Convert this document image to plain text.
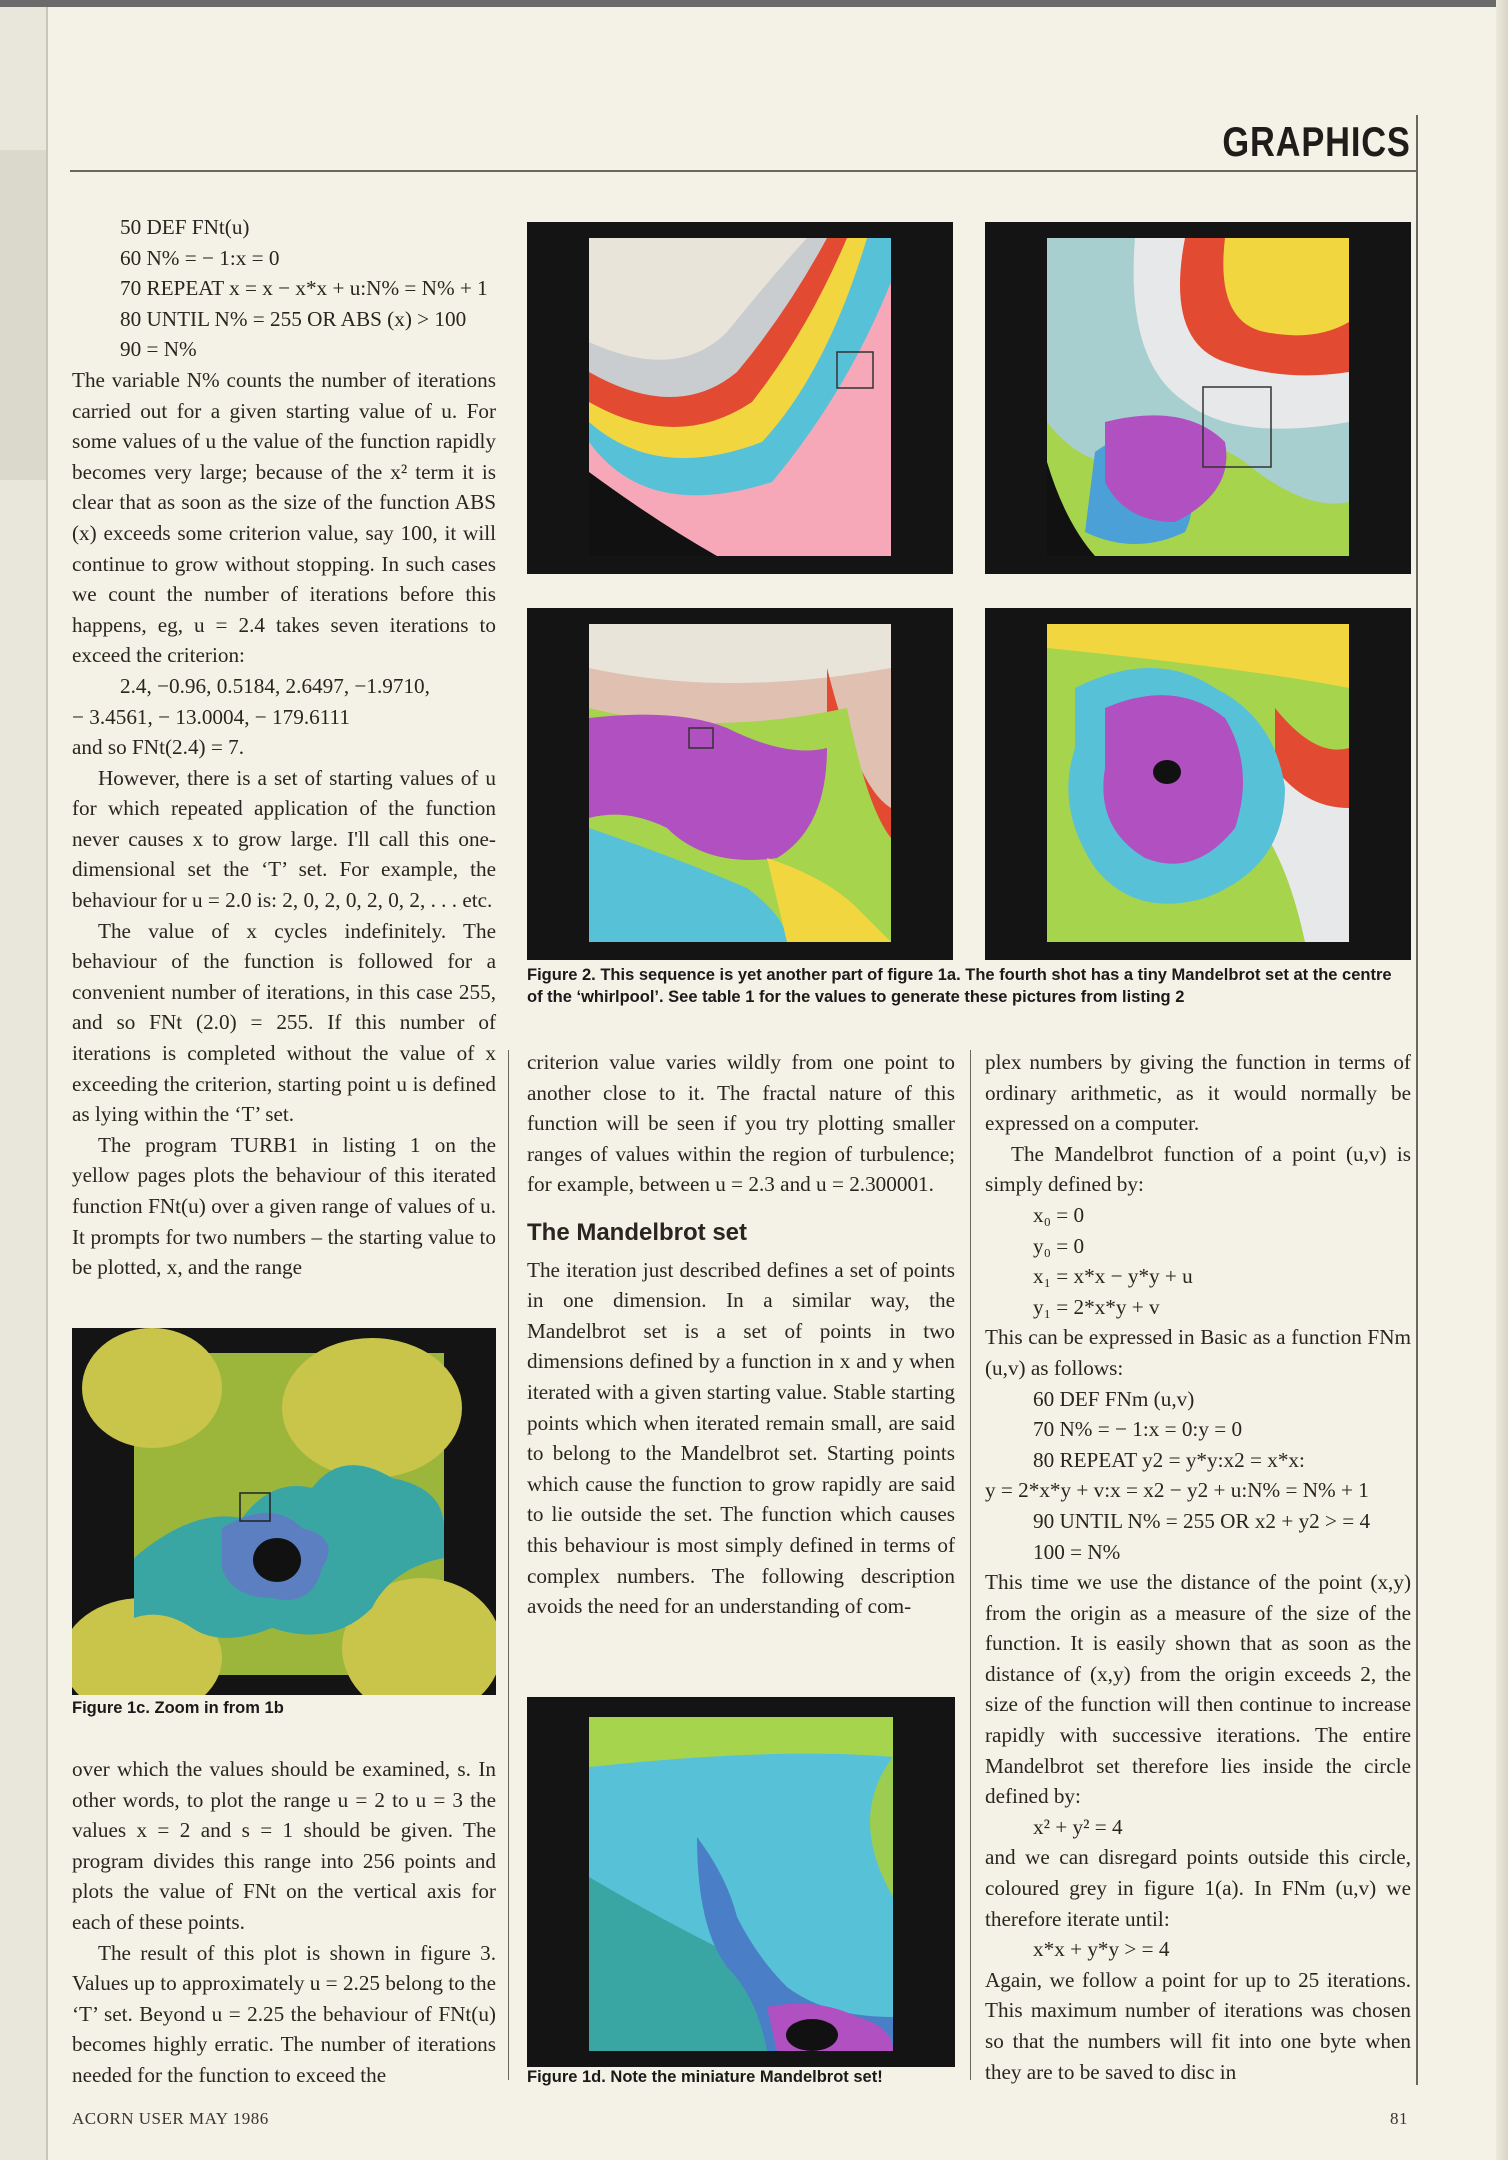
GRAPHICS

50 DEF FNt(u)

60 N% = − 1:x = 0

70 REPEAT x = x − x*x + u:N% = N% + 1

80 UNTIL N% = 255 OR ABS (x) > 100

90 = N%

The variable N% counts the number of iterations carried out for a given starting value of u. For some values of u the value of the function rapidly becomes very large; because of the x² term it is clear that as soon as the size of the function ABS (x) exceeds some criterion value, say 100, it will continue to grow without stopping. In such cases we count the number of iterations before this happens, eg, u = 2.4 takes seven iterations to exceed the criterion:

2.4, −0.96, 0.5184, 2.6497, −1.9710,

− 3.4561, − 13.0004, − 179.6111

and so FNt(2.4) = 7.

However, there is a set of starting values of u for which repeated application of the function never causes x to grow large. I'll call this one-dimensional set the ‘T’ set. For example, the behaviour for u = 2.0 is: 2, 0, 2, 0, 2, 0, 2, . . . etc.

The value of x cycles indefinitely. The behaviour of the function is followed for a convenient number of iterations, in this case 255, and so FNt (2.0) = 255. If this number of iterations is completed without the value of x exceeding the criterion, starting point u is defined as lying within the ‘T’ set.

The program TURB1 in listing 1 on the yellow pages plots the behaviour of this iterated function FNt(u) over a given range of values of u. It prompts for two numbers – the starting value to be plotted, x, and the range

Figure 1c. Zoom in from 1b

over which the values should be examined, s. In other words, to plot the range u = 2 to u = 3 the values x = 2 and s = 1 should be given. The program divides this range into 256 points and plots the value of FNt on the vertical axis for each of these points.

The result of this plot is shown in figure 3. Values up to approximately u = 2.25 belong to the ‘T’ set. Beyond u = 2.25 the behaviour of FNt(u) becomes highly erratic. The number of iterations needed for the function to exceed the

Figure 2. This sequence is yet another part of figure 1a. The fourth shot has a tiny Mandelbrot set at the centre of the ‘whirlpool’. See table 1 for the values to generate these pictures from listing 2

criterion value varies wildly from one point to another close to it. The fractal nature of this function will be seen if you try plotting smaller ranges of values within the region of turbulence; for example, between u = 2.3 and u = 2.300001.

The Mandelbrot set

The iteration just described defines a set of points in one dimension. In a similar way, the Mandelbrot set is a set of points in two dimensions defined by a function in x and y when iterated with a given starting value. Stable starting points which when iterated remain small, are said to belong to the Mandelbrot set. Starting points which cause the function to grow rapidly are said to lie outside the set. The function which causes this behaviour is most simply defined in terms of complex numbers. The following description avoids the need for an understanding of com-

Figure 1d. Note the miniature Mandelbrot set!

plex numbers by giving the function in terms of ordinary arithmetic, as it would normally be expressed on a computer.

The Mandelbrot function of a point (u,v) is simply defined by:

x₀ = 0

y₀ = 0

x₁ = x*x − y*y + u

y₁ = 2*x*y + v

This can be expressed in Basic as a function FNm (u,v) as follows:

60 DEF FNm (u,v)

70 N% = − 1:x = 0:y = 0

80 REPEAT y2 = y*y:x2 = x*x:

y = 2*x*y + v:x = x2 − y2 + u:N% = N% + 1

90 UNTIL N% = 255 OR x2 + y2 > = 4

100 = N%

This time we use the distance of the point (x,y) from the origin as a measure of the size of the function. It is easily shown that as soon as the distance of (x,y) from the origin exceeds 2, the size of the function will then continue to increase rapidly with successive iterations. The entire Mandelbrot set therefore lies inside the circle defined by:

x² + y² = 4

and we can disregard points outside this circle, coloured grey in figure 1(a). In FNm (u,v) we therefore iterate until:

x*x + y*y > = 4

Again, we follow a point for up to 25 iterations. This maximum number of iterations was chosen so that the numbers will fit into one byte when they are to be saved to disc in

ACORN USER MAY 1986	81
